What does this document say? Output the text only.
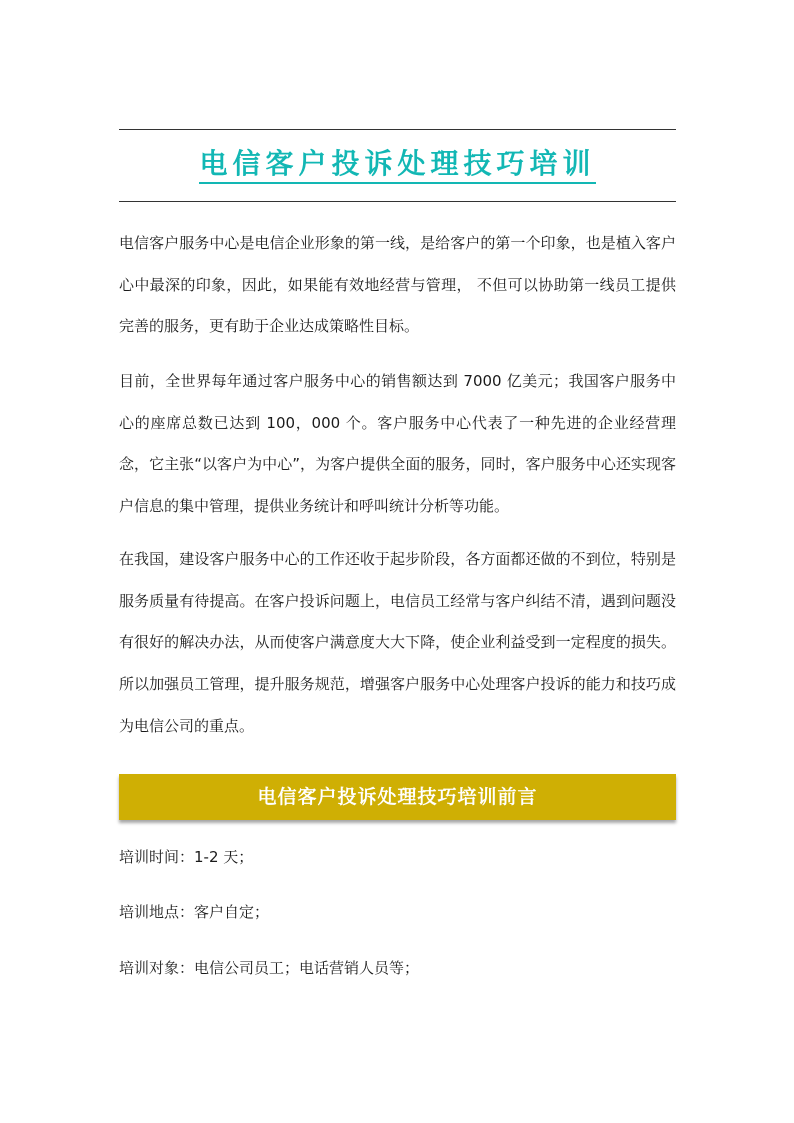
电信客户投诉处理技巧培训

电信客户服务中心是电信企业形象的第一线，是给客户的第一个印象，也是植入客户心中最深的印象，因此，如果能有效地经营与管理， 不但可以协助第一线员工提供完善的服务，更有助于企业达成策略性目标。

目前，全世界每年通过客户服务中心的销售额达到 7000 亿美元；我国客户服务中心的座席总数已达到 100，000 个。客户服务中心代表了一种先进的企业经营理念，它主张“以客户为中心”，为客户提供全面的服务，同时，客户服务中心还实现客户信息的集中管理，提供业务统计和呼叫统计分析等功能。

在我国，建设客户服务中心的工作还收于起步阶段，各方面都还做的不到位，特别是服务质量有待提高。在客户投诉问题上，电信员工经常与客户纠结不清，遇到问题没有很好的解决办法，从而使客户满意度大大下降，使企业利益受到一定程度的损失。所以加强员工管理，提升服务规范，增强客户服务中心处理客户投诉的能力和技巧成为电信公司的重点。

电信客户投诉处理技巧培训前言

培训时间：1-2 天；

培训地点：客户自定；

培训对象：电信公司员工；电话营销人员等；
